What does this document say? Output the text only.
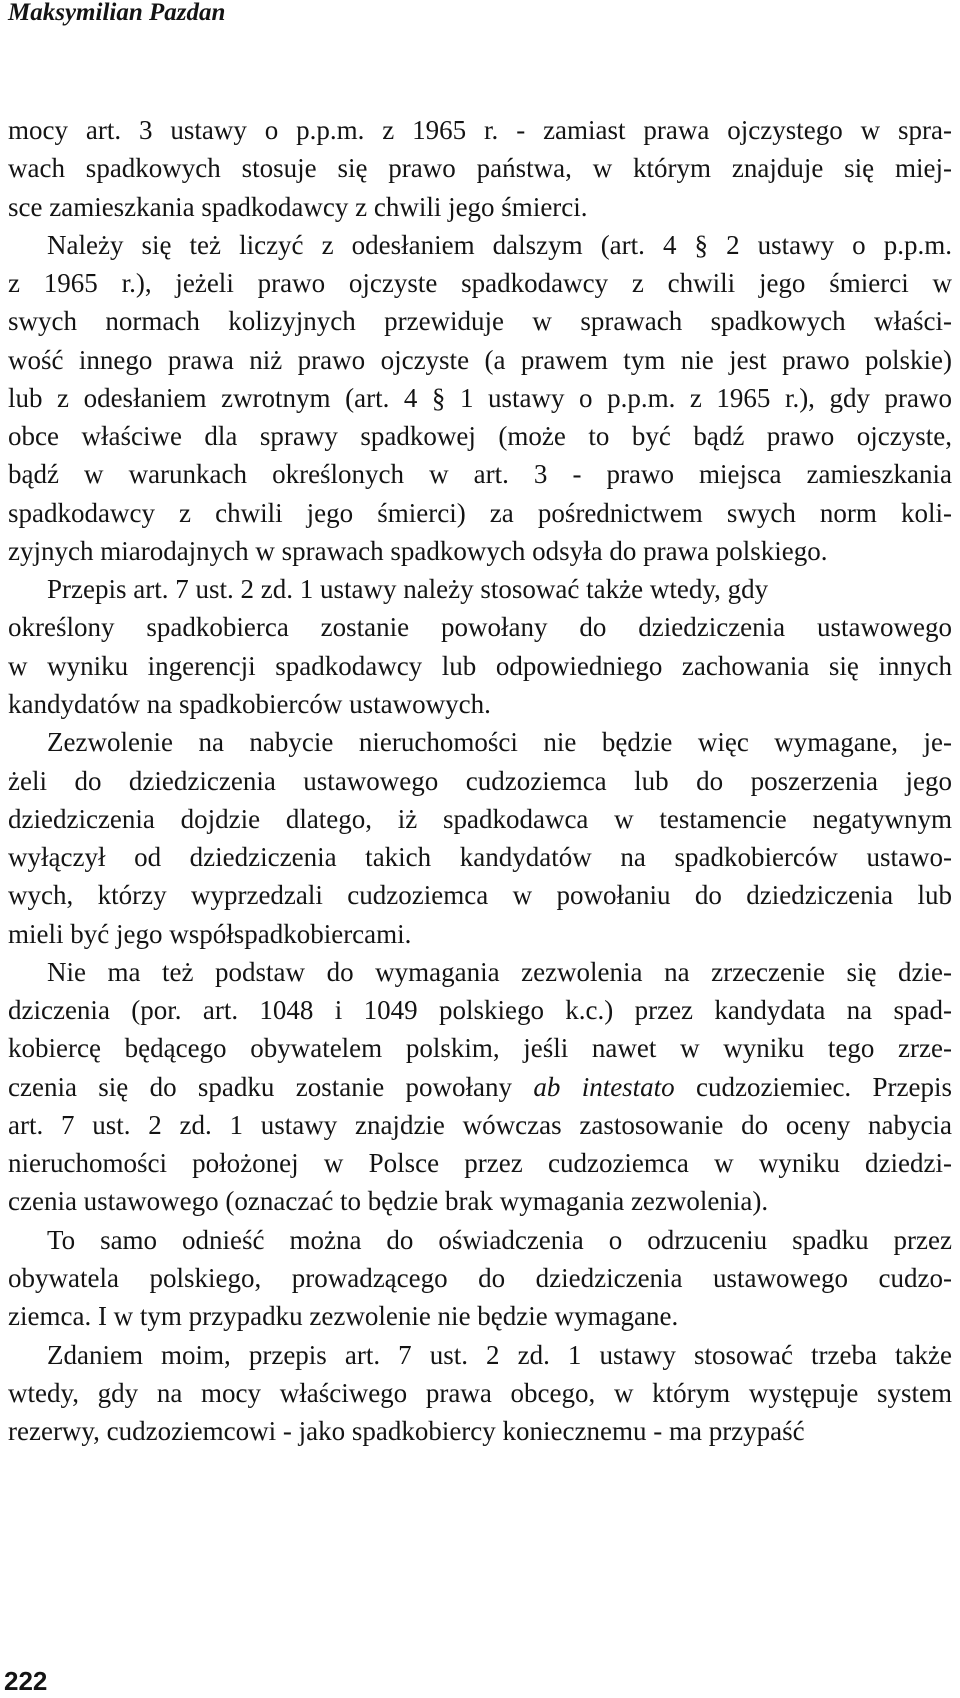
Maksymilian Pazdan
mocy art. 3 ustawy o p.p.m. z 1965 r. - zamiast prawa ojczystego w spra-
wach spadkowych stosuje się prawo państwa, w którym znajduje się miej-
sce zamieszkania spadkodawcy z chwili jego śmierci.
Należy się też liczyć z odesłaniem dalszym (art. 4 § 2 ustawy o p.p.m.
z 1965 r.), jeżeli prawo ojczyste spadkodawcy z chwili jego śmierci w
swych normach kolizyjnych przewiduje w sprawach spadkowych właści-
wość innego prawa niż prawo ojczyste (a prawem tym nie jest prawo polskie)
lub z odesłaniem zwrotnym (art. 4 § 1 ustawy o p.p.m. z 1965 r.), gdy prawo
obce właściwe dla sprawy spadkowej (może to być bądź prawo ojczyste,
bądź w warunkach określonych w art. 3 - prawo miejsca zamieszkania
spadkodawcy z chwili jego śmierci) za pośrednictwem swych norm koli-
zyjnych miarodajnych w sprawach spadkowych odsyła do prawa polskiego.
Przepis art. 7 ust. 2 zd. 1 ustawy należy stosować także wtedy, gdy
określony spadkobierca zostanie powołany do dziedziczenia ustawowego
w wyniku ingerencji spadkodawcy lub odpowiedniego zachowania się innych
kandydatów na spadkobierców ustawowych.
Zezwolenie na nabycie nieruchomości nie będzie więc wymagane, je-
żeli do dziedziczenia ustawowego cudzoziemca lub do poszerzenia jego
dziedziczenia dojdzie dlatego, iż spadkodawca w testamencie negatywnym
wyłączył od dziedziczenia takich kandydatów na spadkobierców ustawo-
wych, którzy wyprzedzali cudzoziemca w powołaniu do dziedziczenia lub
mieli być jego współspadkobiercami.
Nie ma też podstaw do wymagania zezwolenia na zrzeczenie się dzie-
dziczenia (por. art. 1048 i 1049 polskiego k.c.) przez kandydata na spad-
kobiercę będącego obywatelem polskim, jeśli nawet w wyniku tego zrze-
czenia się do spadku zostanie powołany ab intestato cudzoziemiec. Przepis
art. 7 ust. 2 zd. 1 ustawy znajdzie wówczas zastosowanie do oceny nabycia
nieruchomości położonej w Polsce przez cudzoziemca w wyniku dziedzi-
czenia ustawowego (oznaczać to będzie brak wymagania zezwolenia).
To samo odnieść można do oświadczenia o odrzuceniu spadku przez
obywatela polskiego, prowadzącego do dziedziczenia ustawowego cudzo-
ziemca. I w tym przypadku zezwolenie nie będzie wymagane.
Zdaniem moim, przepis art. 7 ust. 2 zd. 1 ustawy stosować trzeba także
wtedy, gdy na mocy właściwego prawa obcego, w którym występuje system
rezerwy, cudzoziemcowi - jako spadkobiercy koniecznemu - ma przypaść
222
